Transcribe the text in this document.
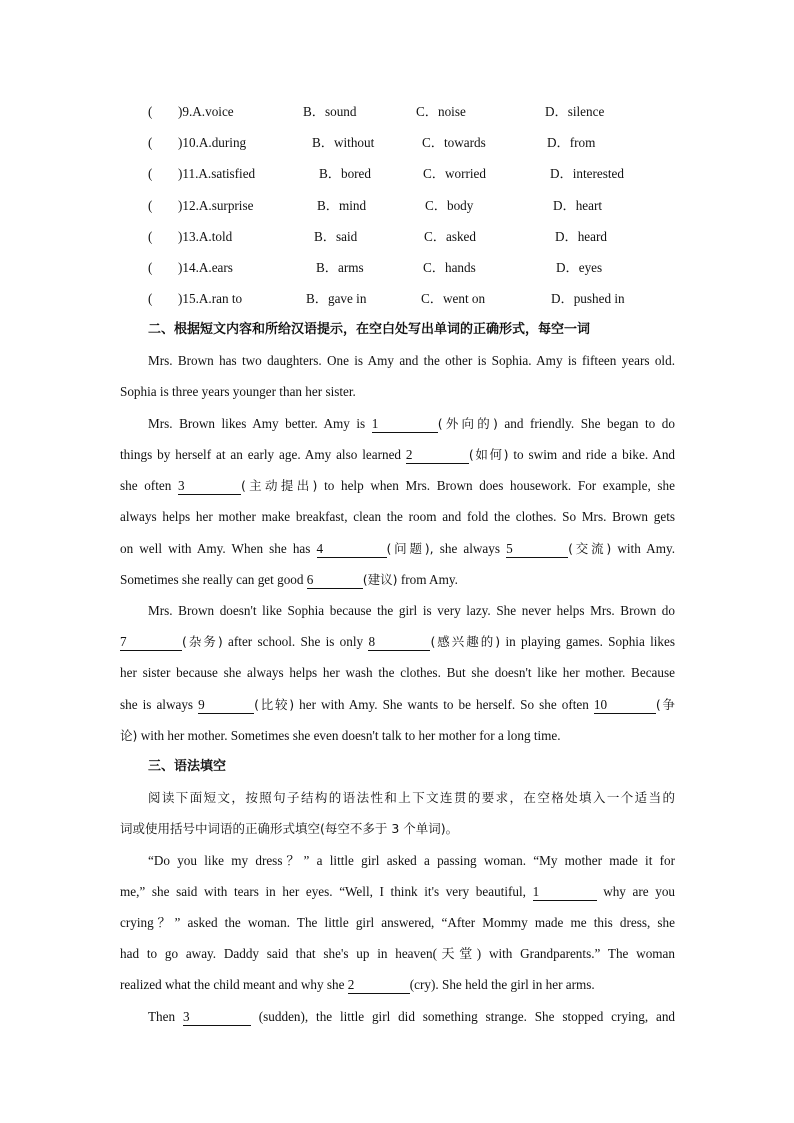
( )9.A.voice	B．sound	C．noise	D．silence
( )10.A.during	B．without	C．towards	D．from
( )11.A.satisfied	B．bored	C．worried	D．interested
( )12.A.surprise	B．mind	C．body	D．heart
( )13.A.told	B．said	C．asked	D．heard
( )14.A.ears	B．arms	C．hands	D．eyes
( )15.A.ran to	B．gave in	C．went on	D．pushed in
二、根据短文内容和所给汉语提示，在空白处写出单词的正确形式，每空一词
Mrs. Brown has two daughters. One is Amy and the other is Sophia. Amy is fifteen years old.
Sophia is three years younger than her sister.
Mrs. Brown likes Amy better. Amy is 1	(外向的) and friendly. She began to do
things by herself at an early age. Amy also learned 2	(如何) to swim and ride a bike. And
she often 3	(主动提出) to help when Mrs. Brown does housework. For example, she
always helps her mother make breakfast, clean the room and fold the clothes. So Mrs. Brown gets
on well with Amy. When she has 4	(问题), she always 5	(交流) with Amy.
Sometimes she really can get good 6	(建议) from Amy.
Mrs. Brown doesn't like Sophia because the girl is very lazy. She never helps Mrs. Brown do
7	(杂务) after school. She is only 8	(感兴趣的) in playing games. Sophia likes
her sister because she always helps her wash the clothes. But she doesn't like her mother. Because
she is always 9	(比较) her with Amy. She wants to be herself. So she often 10	(争
论) with her mother. Sometimes she even doesn't talk to her mother for a long time.
三、语法填空
阅读下面短文，按照句子结构的语法性和上下文连贯的要求，在空格处填入一个适当的
词或使用括号中词语的正确形式填空(每空不多于 3 个单词)。
“Do you like my dress？” a little girl asked a passing woman. “My mother made it for
me,” she said with tears in her eyes. “Well, I think it's very beautiful, 1	why are you
crying？” asked the woman. The little girl answered, “After Mommy made me this dress, she
had to go away. Daddy said that she's up in heaven(天堂) with Grandparents.” The woman
realized what the child meant and why she 2	(cry). She held the girl in her arms.
Then 3	(sudden), the little girl did something strange. She stopped crying, and
